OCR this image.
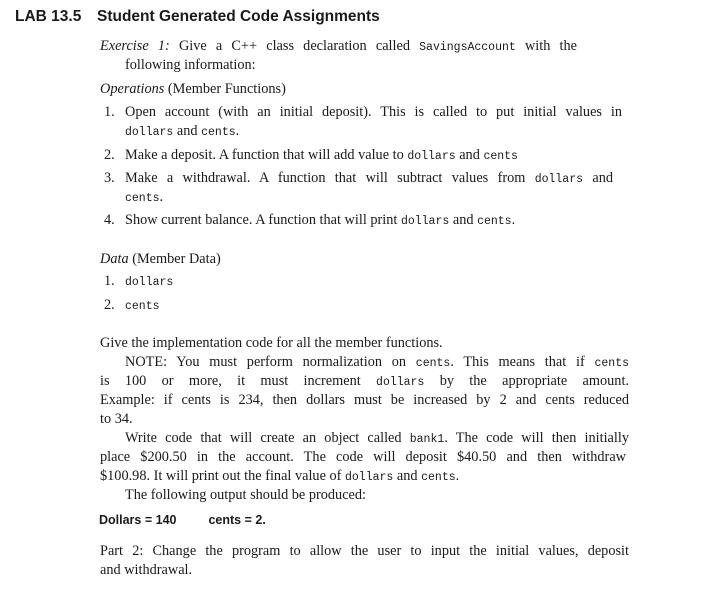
LAB 13.5 Student Generated Code Assignments
Exercise 1: Give a C++ class declaration called SavingsAccount with the
following information:
Operations (Member Functions)
1. Open account (with an initial deposit). This is called to put initial values in
dollars and cents.
2. Make a deposit. A function that will add value to dollars and cents
3. Make a withdrawal. A function that will subtract values from dollars and
cents.
4. Show current balance. A function that will print dollars and cents.
Data (Member Data)
1. dollars
2. cents
Give the implementation code for all the member functions.
NOTE: You must perform normalization on cents. This means that if cents
is 100 or more, it must increment dollars by the appropriate amount.
Example: if cents is 234, then dollars must be increased by 2 and cents reduced
to 34.
Write code that will create an object called bank1. The code will then initially
place $200.50 in the account. The code will deposit $40.50 and then withdraw
$100.98. It will print out the final value of dollars and cents.
The following output should be produced:
Dollars = 140	cents = 2.
Part 2: Change the program to allow the user to input the initial values, deposit
and withdrawal.
